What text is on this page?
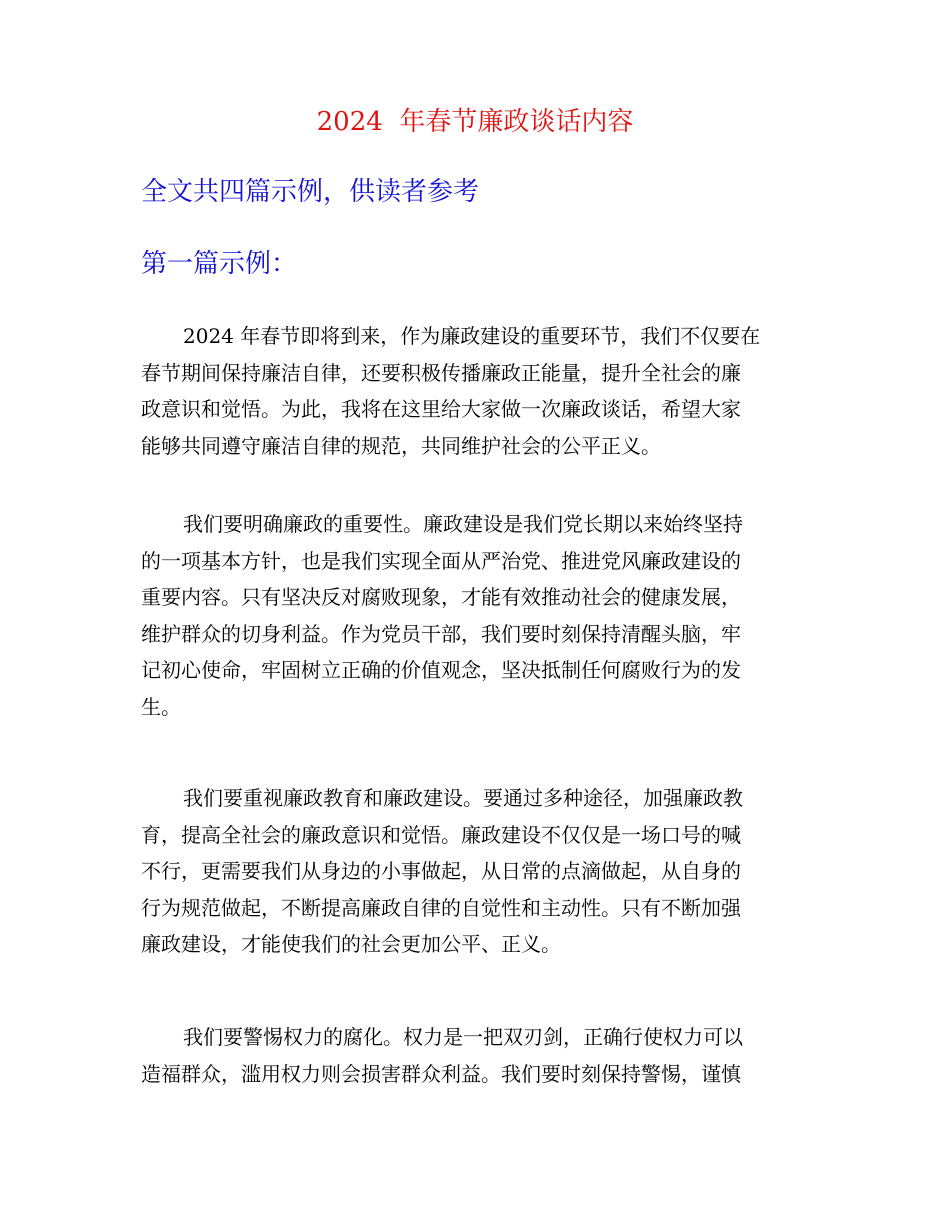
2024  年春节廉政谈话内容
全文共四篇示例，供读者参考
第一篇示例：
2024 年春节即将到来，作为廉政建设的重要环节，我们不仅要在
春节期间保持廉洁自律，还要积极传播廉政正能量，提升全社会的廉
政意识和觉悟。为此，我将在这里给大家做一次廉政谈话，希望大家
能够共同遵守廉洁自律的规范，共同维护社会的公平正义。
我们要明确廉政的重要性。廉政建设是我们党长期以来始终坚持
的一项基本方针，也是我们实现全面从严治党、推进党风廉政建设的
重要内容。只有坚决反对腐败现象，才能有效推动社会的健康发展，
维护群众的切身利益。作为党员干部，我们要时刻保持清醒头脑，牢
记初心使命，牢固树立正确的价值观念，坚决抵制任何腐败行为的发
生。
我们要重视廉政教育和廉政建设。要通过多种途径，加强廉政教
育，提高全社会的廉政意识和觉悟。廉政建设不仅仅是一场口号的喊
不行，更需要我们从身边的小事做起，从日常的点滴做起，从自身的
行为规范做起，不断提高廉政自律的自觉性和主动性。只有不断加强
廉政建设，才能使我们的社会更加公平、正义。
我们要警惕权力的腐化。权力是一把双刃剑，正确行使权力可以
造福群众，滥用权力则会损害群众利益。我们要时刻保持警惕，谨慎
